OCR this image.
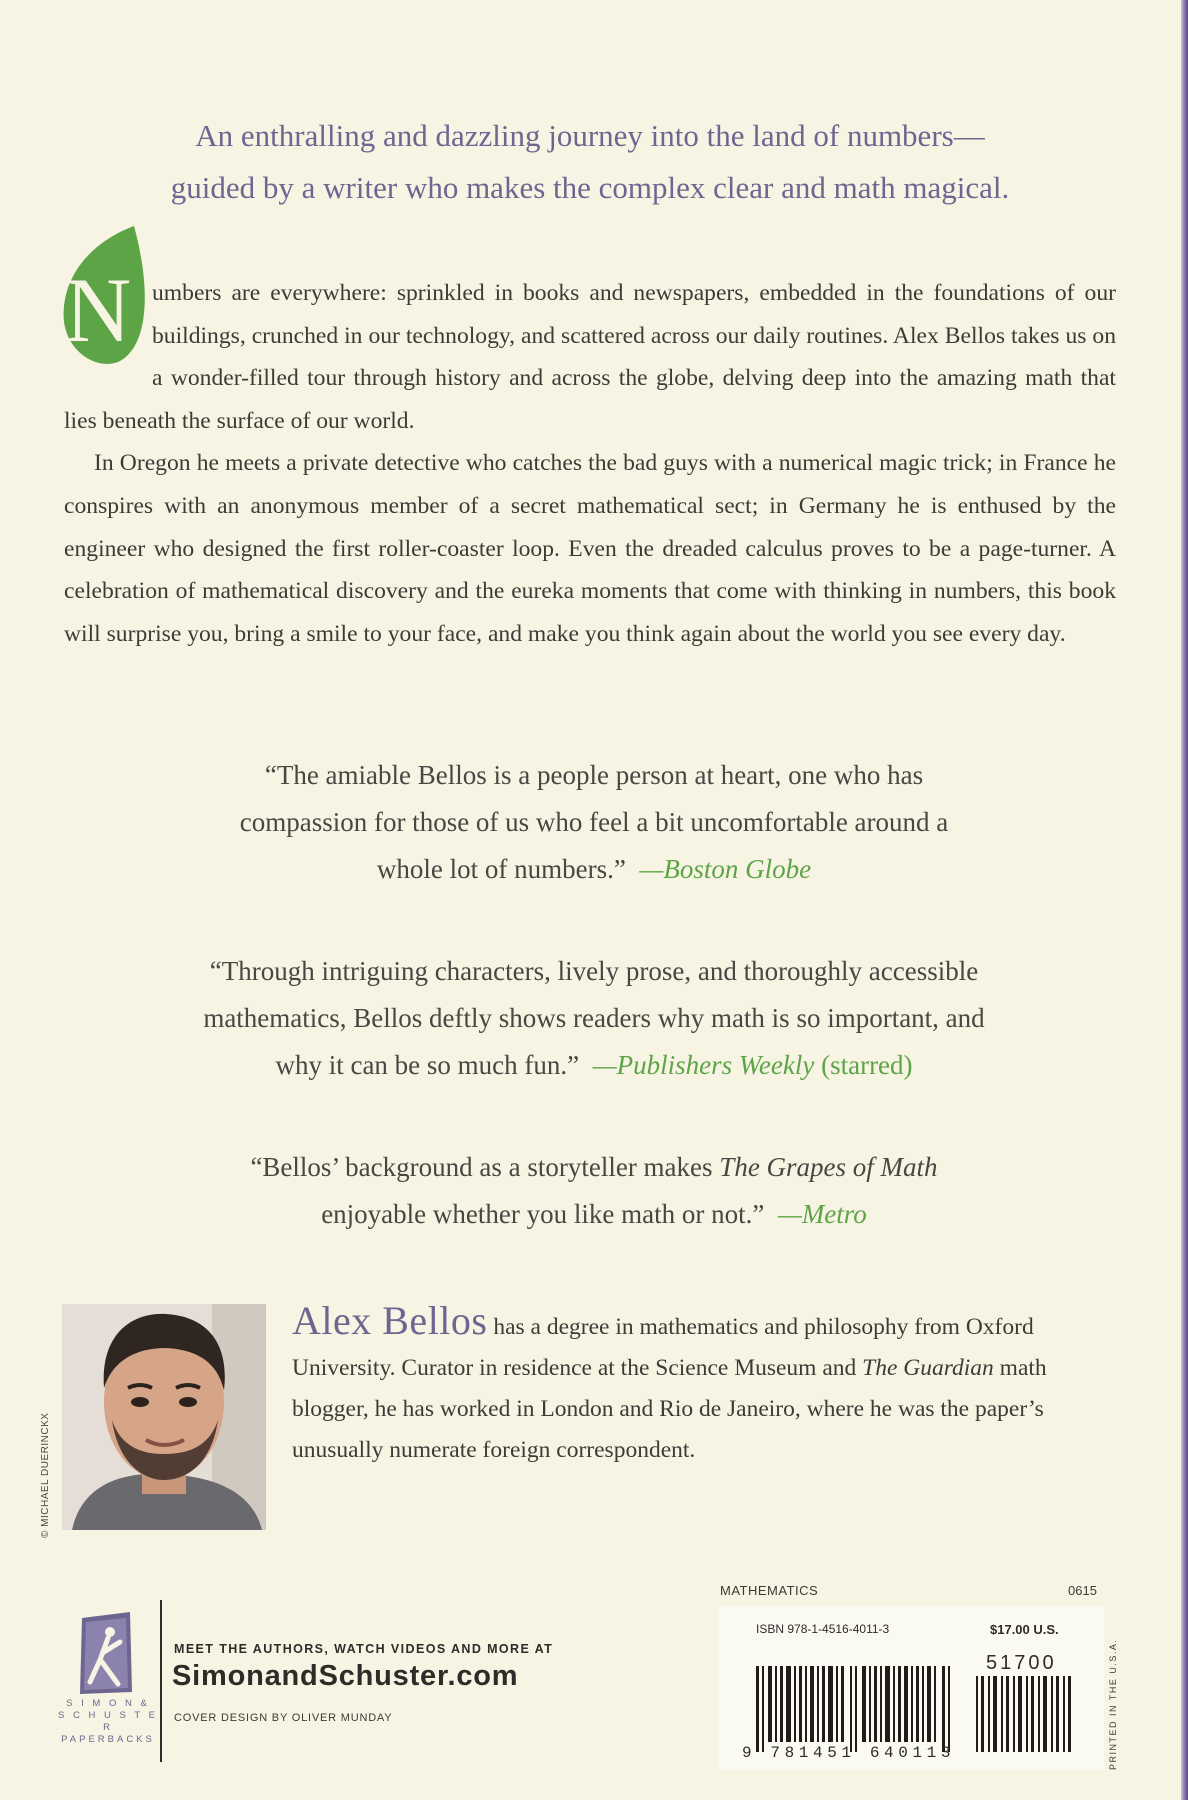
An enthralling and dazzling journey into the land of numbers—
guided by a writer who makes the complex clear and math magical.

N umbers are everywhere: sprinkled in books and newspapers, embedded in the foundations of our buildings, crunched in our technology, and scattered across our daily routines. Alex Bellos takes us on a wonder-filled tour through history and across the globe, delving deep into the amazing math that lies beneath the surface of our world.

In Oregon he meets a private detective who catches the bad guys with a numerical magic trick; in France he conspires with an anonymous member of a secret mathematical sect; in Germany he is enthused by the engineer who designed the first roller-coaster loop. Even the dreaded calculus proves to be a page-turner. A celebration of mathematical discovery and the eureka moments that come with thinking in numbers, this book will surprise you, bring a smile to your face, and make you think again about the world you see every day.

“The amiable Bellos is a people person at heart, one who has
compassion for those of us who feel a bit uncomfortable around a
whole lot of numbers.” —Boston Globe
“Through intriguing characters, lively prose, and thoroughly accessible
mathematics, Bellos deftly shows readers why math is so important, and
why it can be so much fun.” —Publishers Weekly (starred)
“Bellos’ background as a storyteller makes The Grapes of Math
enjoyable whether you like math or not.” —Metro
© MICHAEL DUERINCKX
Alex Bellos has a degree in mathematics and philosophy from Oxford University. Curator in residence at the Science Museum and The Guardian math blogger, he has worked in London and Rio de Janeiro, where he was the paper’s unusually numerate foreign correspondent.
S I M O N &
S C H U S T E R
PAPERBACKS
MEET THE AUTHORS, WATCH VIDEOS AND MORE AT
SimonandSchuster.com
COVER DESIGN BY OLIVER MUNDAY
MATHEMATICS	0615
ISBN 978-1-4516-4011-3	$17.00 U.S.
51700
9 781451 640113	PRINTED IN THE U.S.A.
